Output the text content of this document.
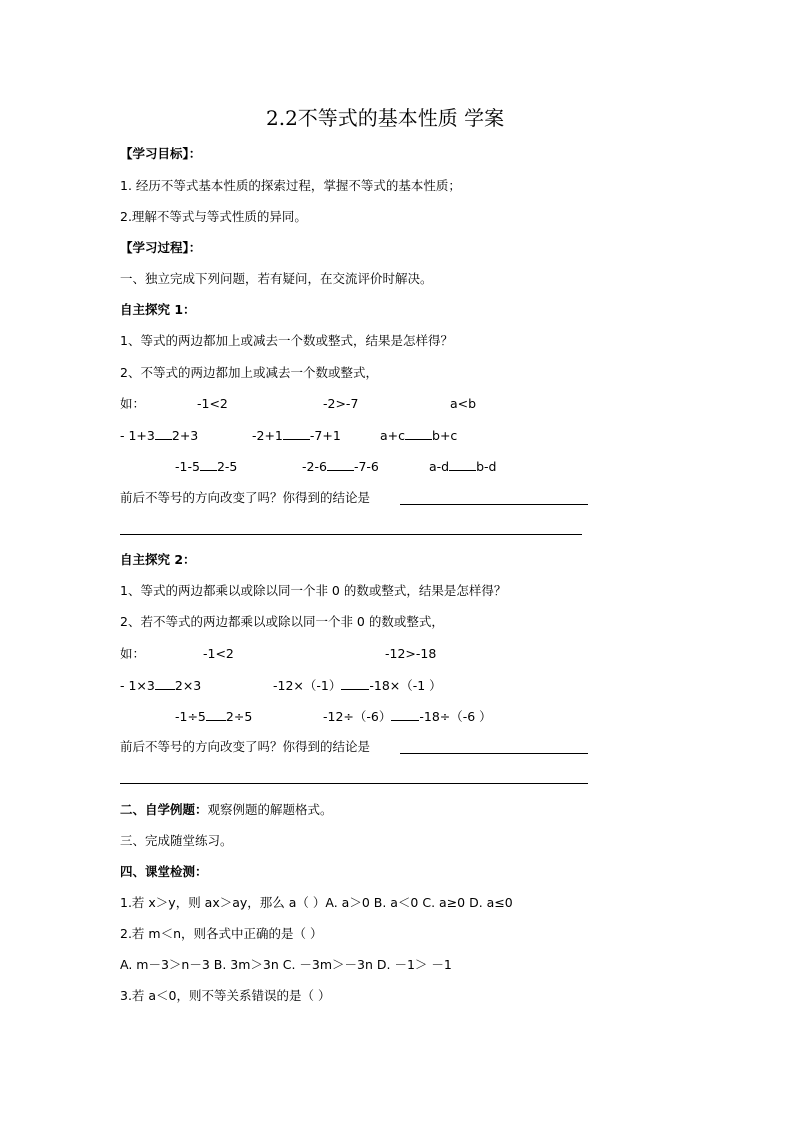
2.2不等式的基本性质 学案
【学习目标】：
1. 经历不等式基本性质的探索过程，掌握不等式的基本性质；
2.理解不等式与等式性质的异同。
【学习过程】：
一、独立完成下列问题，若有疑问，在交流评价时解决。
自主探究 1：
1、等式的两边都加上或减去一个数或整式，结果是怎样得？
2、不等式的两边都加上或减去一个数或整式，
如：	-1<2	-2>-7	a<b
- 1+3 2+3	-2+1 -7+1	a+c b+c
-1-5 2-5	-2-6 -7-6	a-d b-d
前后不等号的方向改变了吗？你得到的结论是
自主探究 2：
1、等式的两边都乘以或除以同一个非 0 的数或整式，结果是怎样得？
2、若不等式的两边都乘以或除以同一个非 0 的数或整式，
如：	-1<2	-12>-18
- 1×3 2×3	-12×（-1） -18×（-1 ）
-1÷5 2÷5	-12÷（-6） -18÷（-6 ）
前后不等号的方向改变了吗？你得到的结论是
二、自学例题：观察例题的解题格式。
三、完成随堂练习。
四、课堂检测：
1.若 x＞y，则 ax＞ay，那么 a（ ）A. a＞0 B. a＜0 C. a≥0 D. a≤0
2.若 m＜n，则各式中正确的是（ ）
A. m－3＞n－3 B. 3m＞3n C. －3m＞－3n D. －1＞ －1
3.若 a＜0，则不等关系错误的是（ ）
